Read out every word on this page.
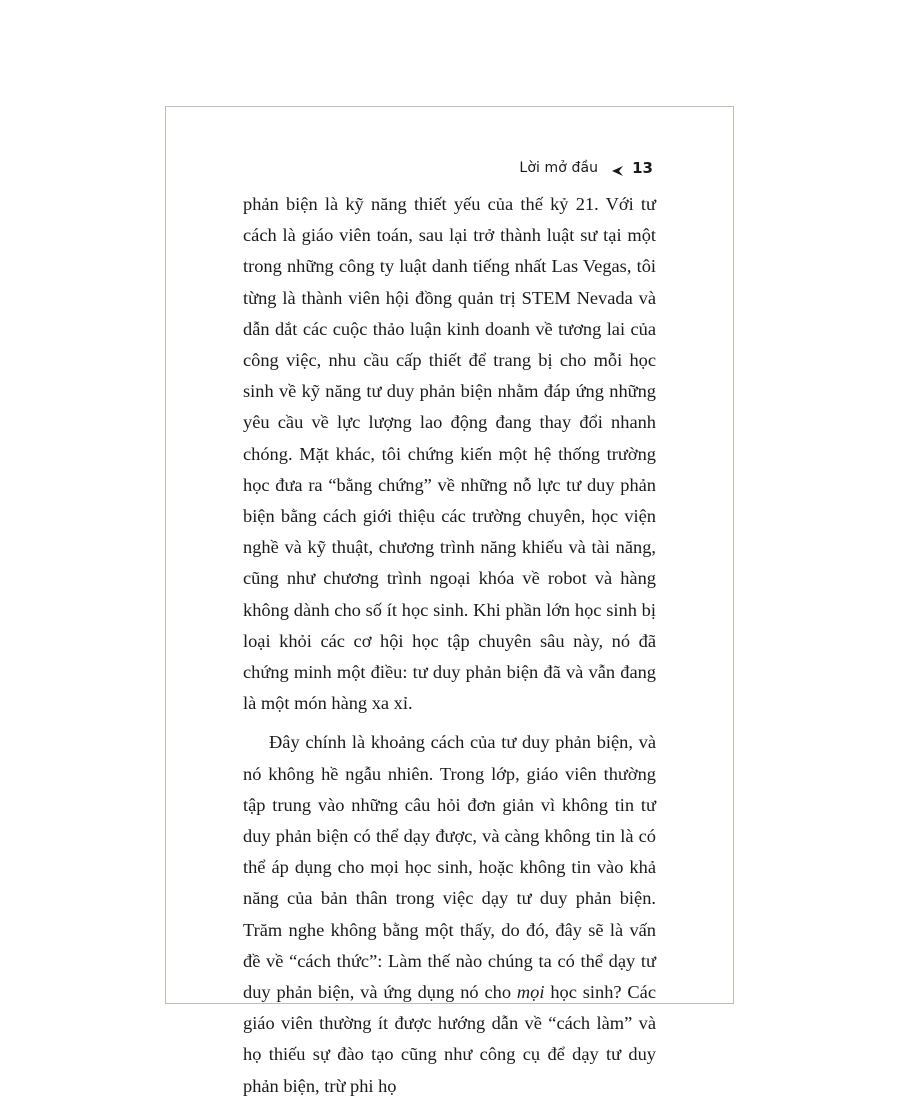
Lời mở đầu 13

phản biện là kỹ năng thiết yếu của thế kỷ 21. Với tư cách là giáo viên toán, sau lại trở thành luật sư tại một trong những công ty luật danh tiếng nhất Las Vegas, tôi từng là thành viên hội đồng quản trị STEM Nevada và dẫn dắt các cuộc thảo luận kinh doanh về tương lai của công việc, nhu cầu cấp thiết để trang bị cho mỗi học sinh về kỹ năng tư duy phản biện nhằm đáp ứng những yêu cầu về lực lượng lao động đang thay đổi nhanh chóng. Mặt khác, tôi chứng kiến một hệ thống trường học đưa ra “bằng chứng” về những nỗ lực tư duy phản biện bằng cách giới thiệu các trường chuyên, học viện nghề và kỹ thuật, chương trình năng khiếu và tài năng, cũng như chương trình ngoại khóa về robot và hàng không dành cho số ít học sinh. Khi phần lớn học sinh bị loại khỏi các cơ hội học tập chuyên sâu này, nó đã chứng minh một điều: tư duy phản biện đã và vẫn đang là một món hàng xa xỉ.

Đây chính là khoảng cách của tư duy phản biện, và nó không hề ngẫu nhiên. Trong lớp, giáo viên thường tập trung vào những câu hỏi đơn giản vì không tin tư duy phản biện có thể dạy được, và càng không tin là có thể áp dụng cho mọi học sinh, hoặc không tin vào khả năng của bản thân trong việc dạy tư duy phản biện. Trăm nghe không bằng một thấy, do đó, đây sẽ là vấn đề về “cách thức”: Làm thế nào chúng ta có thể dạy tư duy phản biện, và ứng dụng nó cho mọi học sinh? Các giáo viên thường ít được hướng dẫn về “cách làm” và họ thiếu sự đào tạo cũng như công cụ để dạy tư duy phản biện, trừ phi họ
